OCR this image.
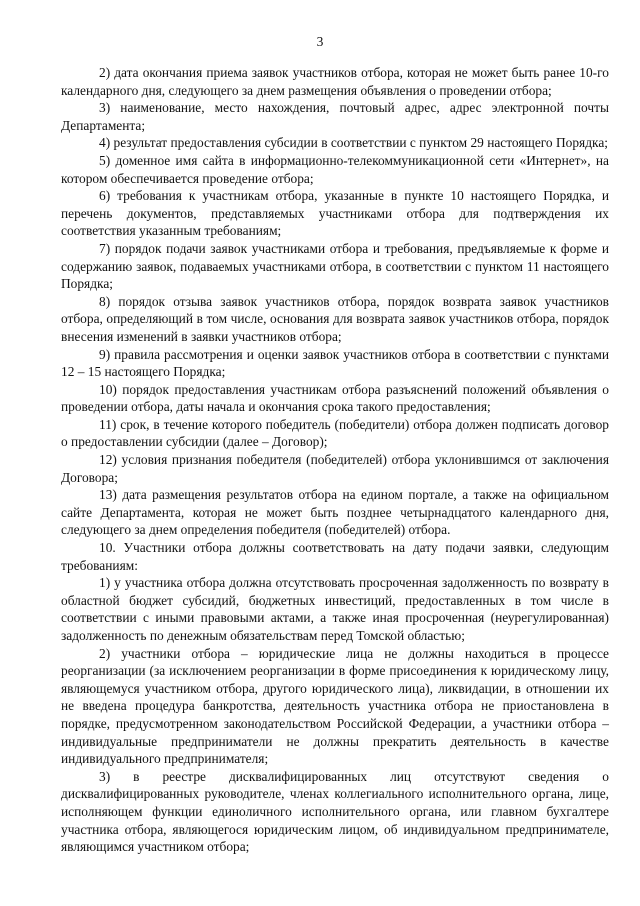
3

2) дата окончания приема заявок участников отбора, которая не может быть ранее 10-го календарного дня, следующего за днем размещения объявления о проведении отбора;

3) наименование, место нахождения, почтовый адрес, адрес электронной почты Департамента;

4) результат предоставления субсидии в соответствии с пунктом 29 настоящего Порядка;

5) доменное имя сайта в информационно-телекоммуникационной сети «Интернет», на котором обеспечивается проведение отбора;

6) требования к участникам отбора, указанные в пункте 10 настоящего Порядка, и перечень документов, представляемых участниками отбора для подтверждения их соответствия указанным требованиям;

7) порядок подачи заявок участниками отбора и требования, предъявляемые к форме и содержанию заявок, подаваемых участниками отбора, в соответствии с пунктом 11 настоящего Порядка;

8) порядок отзыва заявок участников отбора, порядок возврата заявок участников отбора, определяющий в том числе, основания для возврата заявок участников отбора, порядок внесения изменений в заявки участников отбора;

9) правила рассмотрения и оценки заявок участников отбора в соответствии с пунктами 12 – 15 настоящего Порядка;

10) порядок предоставления участникам отбора разъяснений положений объявления о проведении отбора, даты начала и окончания срока такого предоставления;

11) срок, в течение которого победитель (победители) отбора должен подписать договор о предоставлении субсидии (далее – Договор);

12) условия признания победителя (победителей) отбора уклонившимся от заключения Договора;

13) дата размещения результатов отбора на едином портале, а также на официальном сайте Департамента, которая не может быть позднее четырнадцатого календарного дня, следующего за днем определения победителя (победителей) отбора.

10. Участники отбора должны соответствовать на дату подачи заявки, следующим требованиям:

1) у участника отбора должна отсутствовать просроченная задолженность по возврату в областной бюджет субсидий, бюджетных инвестиций, предоставленных в том числе в соответствии с иными правовыми актами, а также иная просроченная (неурегулированная) задолженность по денежным обязательствам перед Томской областью;

2) участники отбора – юридические лица не должны находиться в процессе реорганизации (за исключением реорганизации в форме присоединения к юридическому лицу, являющемуся участником отбора, другого юридического лица), ликвидации, в отношении их не введена процедура банкротства, деятельность участника отбора не приостановлена в порядке, предусмотренном законодательством Российской Федерации, а участники отбора – индивидуальные предприниматели не должны прекратить деятельность в качестве индивидуального предпринимателя;

3) в реестре дисквалифицированных лиц отсутствуют сведения о дисквалифицированных руководителе, членах коллегиального исполнительного органа, лице, исполняющем функции единоличного исполнительного органа, или главном бухгалтере участника отбора, являющегося юридическим лицом, об индивидуальном предпринимателе, являющимся участником отбора;
